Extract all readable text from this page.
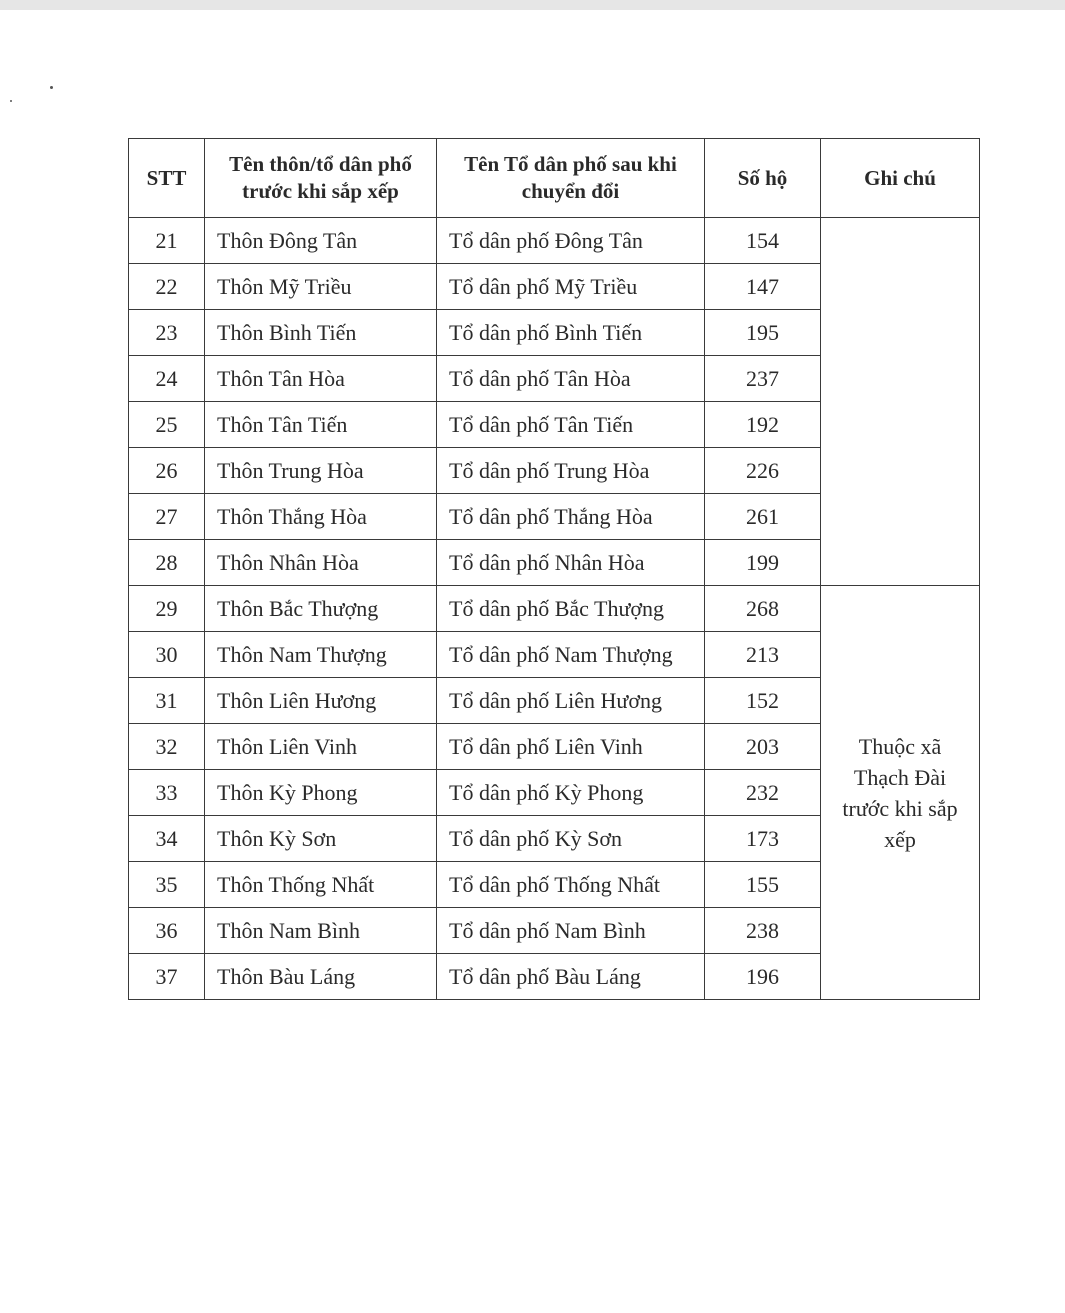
STT	Tên thôn/tổ dân phố trước khi sắp xếp	Tên Tổ dân phố sau khi chuyển đổi	Số hộ	Ghi chú
21	Thôn Đông Tân	Tổ dân phố Đông Tân	154	
22	Thôn Mỹ Triều	Tổ dân phố Mỹ Triều	147	
23	Thôn Bình Tiến	Tổ dân phố Bình Tiến	195	
24	Thôn Tân Hòa	Tổ dân phố Tân Hòa	237	
25	Thôn Tân Tiến	Tổ dân phố Tân Tiến	192	
26	Thôn Trung Hòa	Tổ dân phố Trung Hòa	226	
27	Thôn Thắng Hòa	Tổ dân phố Thắng Hòa	261	
28	Thôn Nhân Hòa	Tổ dân phố Nhân Hòa	199	
29	Thôn Bắc Thượng	Tổ dân phố Bắc Thượng	268	Thuộc xã Thạch Đài trước khi sắp xếp
30	Thôn Nam Thượng	Tổ dân phố Nam Thượng	213	
31	Thôn Liên Hương	Tổ dân phố Liên Hương	152	
32	Thôn Liên Vinh	Tổ dân phố Liên Vinh	203	
33	Thôn Kỳ Phong	Tổ dân phố Kỳ Phong	232	
34	Thôn Kỳ Sơn	Tổ dân phố Kỳ Sơn	173	
35	Thôn Thống Nhất	Tổ dân phố Thống Nhất	155	
36	Thôn Nam Bình	Tổ dân phố Nam Bình	238	
37	Thôn Bàu Láng	Tổ dân phố Bàu Láng	196	
